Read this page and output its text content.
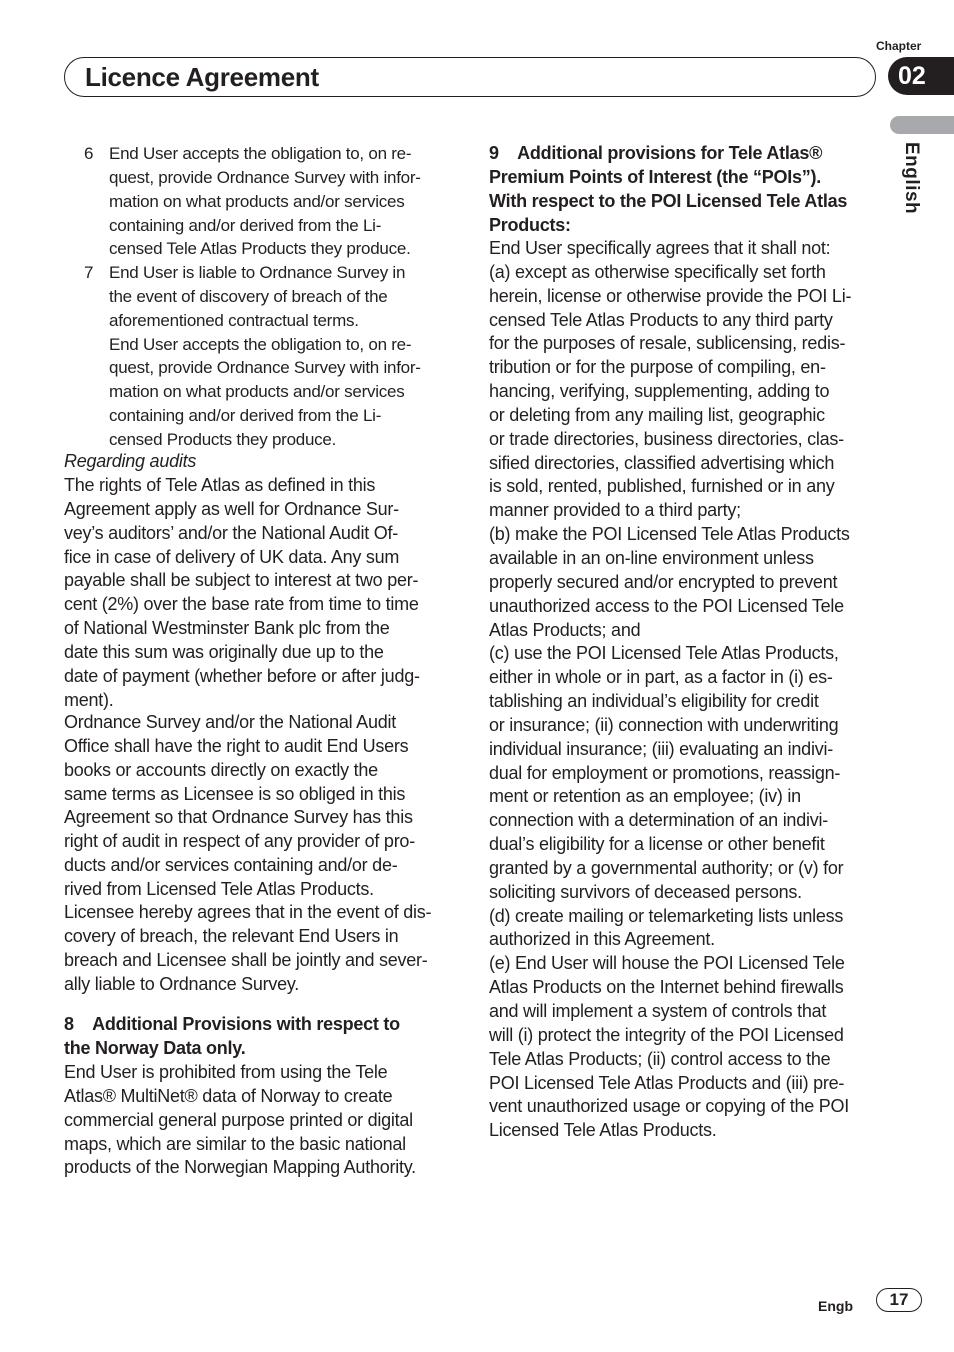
Licence Agreement
Chapter
02
English
6 End User accepts the obligation to, on re-
quest, provide Ordnance Survey with infor-
mation on what products and/or services
containing and/or derived from the Li-
censed Tele Atlas Products they produce.
7 End User is liable to Ordnance Survey in
the event of discovery of breach of the
aforementioned contractual terms.
End User accepts the obligation to, on re-
quest, provide Ordnance Survey with infor-
mation on what products and/or services
containing and/or derived from the Li-
censed Products they produce.
Regarding audits
The rights of Tele Atlas as defined in this
Agreement apply as well for Ordnance Sur-
vey’s auditors’ and/or the National Audit Of-
fice in case of delivery of UK data. Any sum
payable shall be subject to interest at two per-
cent (2%) over the base rate from time to time
of National Westminster Bank plc from the
date this sum was originally due up to the
date of payment (whether before or after judg-
ment).
Ordnance Survey and/or the National Audit
Office shall have the right to audit End Users
books or accounts directly on exactly the
same terms as Licensee is so obliged in this
Agreement so that Ordnance Survey has this
right of audit in respect of any provider of pro-
ducts and/or services containing and/or de-
rived from Licensed Tele Atlas Products.
Licensee hereby agrees that in the event of dis-
covery of breach, the relevant End Users in
breach and Licensee shall be jointly and sever-
ally liable to Ordnance Survey.
8    Additional Provisions with respect to
the Norway Data only.
End User is prohibited from using the Tele
Atlas® MultiNet® data of Norway to create
commercial general purpose printed or digital
maps, which are similar to the basic national
products of the Norwegian Mapping Authority.
9    Additional provisions for Tele Atlas®
Premium Points of Interest (the “POIs”).
With respect to the POI Licensed Tele Atlas
Products:
End User specifically agrees that it shall not:
(a) except as otherwise specifically set forth
herein, license or otherwise provide the POI Li-
censed Tele Atlas Products to any third party
for the purposes of resale, sublicensing, redis-
tribution or for the purpose of compiling, en-
hancing, verifying, supplementing, adding to
or deleting from any mailing list, geographic
or trade directories, business directories, clas-
sified directories, classified advertising which
is sold, rented, published, furnished or in any
manner provided to a third party;
(b) make the POI Licensed Tele Atlas Products
available in an on-line environment unless
properly secured and/or encrypted to prevent
unauthorized access to the POI Licensed Tele
Atlas Products; and
(c) use the POI Licensed Tele Atlas Products,
either in whole or in part, as a factor in (i) es-
tablishing an individual’s eligibility for credit
or insurance; (ii) connection with underwriting
individual insurance; (iii) evaluating an indivi-
dual for employment or promotions, reassign-
ment or retention as an employee; (iv) in
connection with a determination of an indivi-
dual’s eligibility for a license or other benefit
granted by a governmental authority; or (v) for
soliciting survivors of deceased persons.
(d) create mailing or telemarketing lists unless
authorized in this Agreement.
(e) End User will house the POI Licensed Tele
Atlas Products on the Internet behind firewalls
and will implement a system of controls that
will (i) protect the integrity of the POI Licensed
Tele Atlas Products; (ii) control access to the
POI Licensed Tele Atlas Products and (iii) pre-
vent unauthorized usage or copying of the POI
Licensed Tele Atlas Products.
Engb	17
